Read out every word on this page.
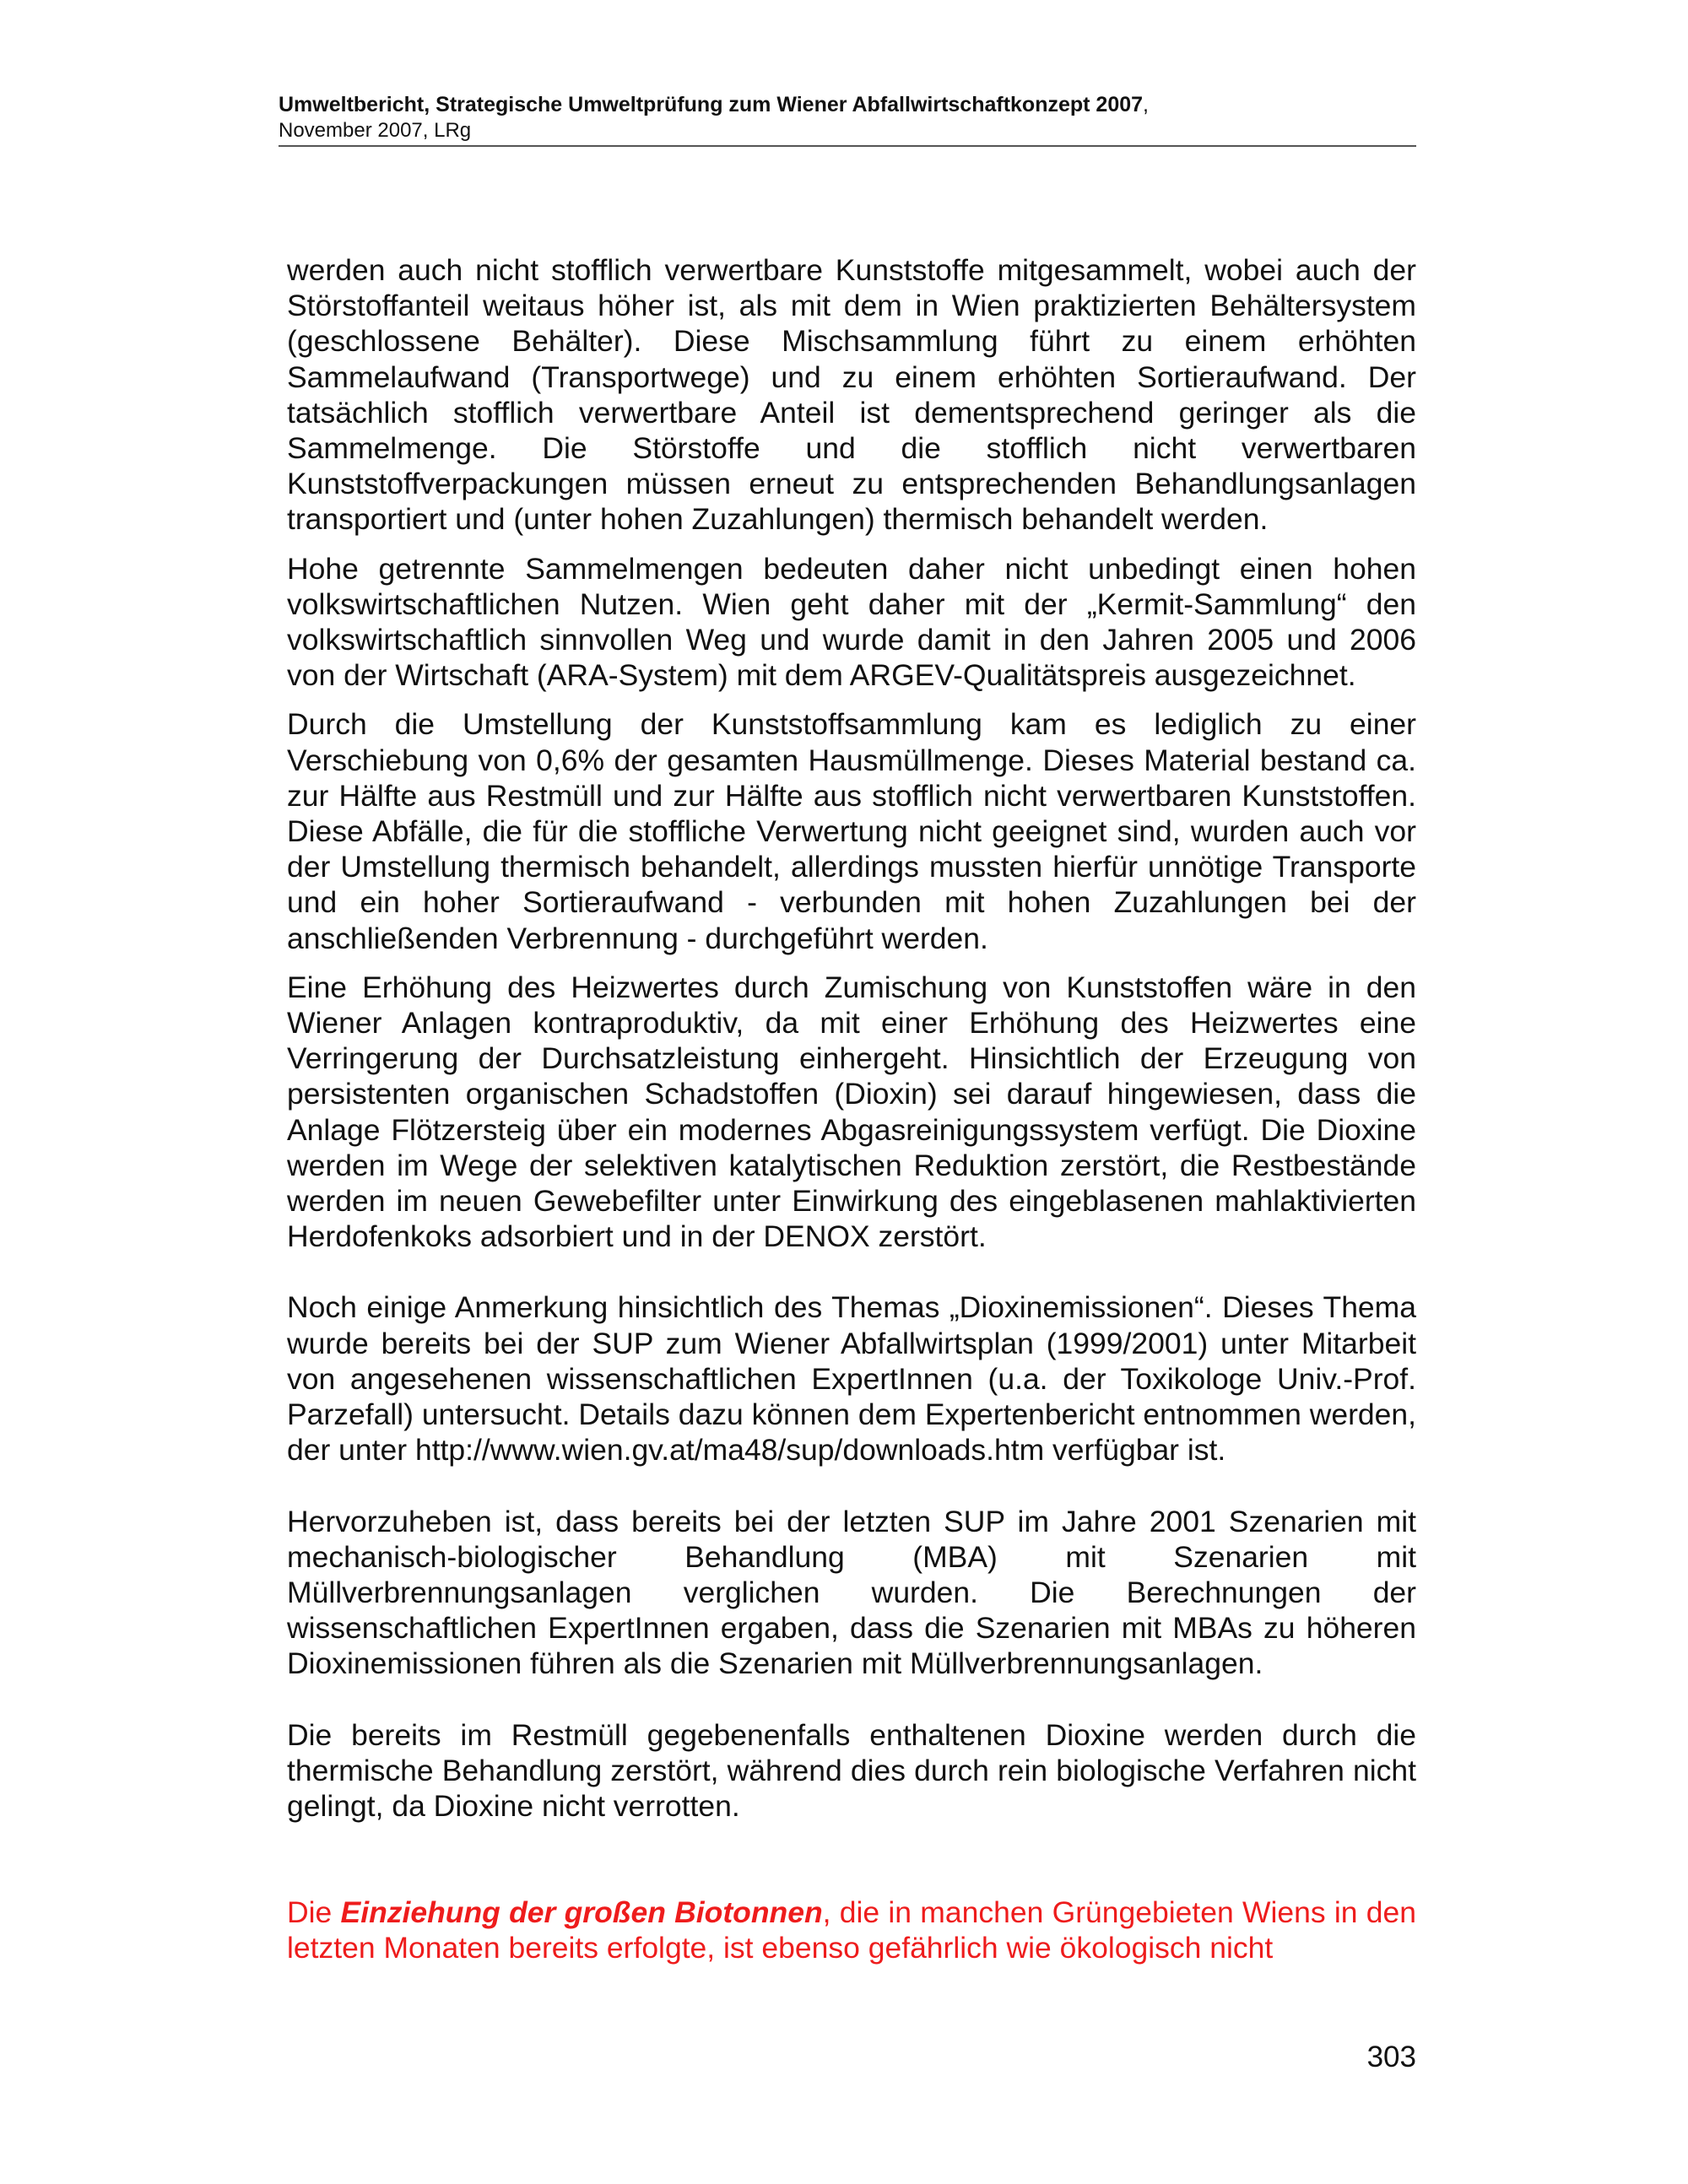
Umweltbericht, Strategische Umweltprüfung zum Wiener Abfallwirtschaftkonzept 2007,
November 2007, LRg

werden auch nicht stofflich verwertbare Kunststoffe mitgesammelt, wobei auch der Störstoffanteil weitaus höher ist, als mit dem in Wien praktizierten Behältersystem (geschlossene Behälter). Diese Mischsammlung führt zu einem erhöhten Sammelaufwand (Transportwege) und zu einem erhöhten Sortieraufwand. Der tatsächlich stofflich verwertbare Anteil ist dementsprechend geringer als die Sammelmenge. Die Störstoffe und die stofflich nicht verwertbaren Kunststoffverpackungen müssen erneut zu entsprechenden Behandlungsanlagen transportiert und (unter hohen Zuzahlungen) thermisch behandelt werden.

Hohe getrennte Sammelmengen bedeuten daher nicht unbedingt einen hohen volkswirtschaftlichen Nutzen. Wien geht daher mit der „Kermit-Sammlung“ den volkswirtschaftlich sinnvollen Weg und wurde damit in den Jahren 2005 und 2006 von der Wirtschaft (ARA-System) mit dem ARGEV-Qualitätspreis ausgezeichnet.

Durch die Umstellung der Kunststoffsammlung kam es lediglich zu einer Verschiebung von 0,6% der gesamten Hausmüllmenge. Dieses Material bestand ca. zur Hälfte aus Restmüll und zur Hälfte aus stofflich nicht verwertbaren Kunststoffen. Diese Abfälle, die für die stoffliche Verwertung nicht geeignet sind, wurden auch vor der Umstellung thermisch behandelt, allerdings mussten hierfür unnötige Transporte und ein hoher Sortieraufwand - verbunden mit hohen Zuzahlungen bei der anschließenden Verbrennung - durchgeführt werden.

Eine Erhöhung des Heizwertes durch Zumischung von Kunststoffen wäre in den Wiener Anlagen kontraproduktiv, da mit einer Erhöhung des Heizwertes eine Verringerung der Durchsatzleistung einhergeht. Hinsichtlich der Erzeugung von persistenten organischen Schadstoffen (Dioxin) sei darauf hingewiesen, dass die Anlage Flötzersteig über ein modernes Abgasreinigungssystem verfügt. Die Dioxine werden im Wege der selektiven katalytischen Reduktion zerstört, die Restbestände werden im neuen Gewebefilter unter Einwirkung des eingeblasenen mahlaktivierten Herdofenkoks adsorbiert und in der DENOX zerstört.

Noch einige Anmerkung hinsichtlich des Themas „Dioxinemissionen“. Dieses Thema wurde bereits bei der SUP zum Wiener Abfallwirtsplan (1999/2001) unter Mitarbeit von angesehenen wissenschaftlichen ExpertInnen (u.a. der Toxikologe Univ.-Prof. Parzefall) untersucht. Details dazu können dem Expertenbericht entnommen werden, der unter http://www.wien.gv.at/ma48/sup/downloads.htm verfügbar ist.

Hervorzuheben ist, dass bereits bei der letzten SUP im Jahre 2001 Szenarien mit mechanisch-biologischer Behandlung (MBA) mit Szenarien mit Müllverbrennungsanlagen verglichen wurden. Die Berechnungen der wissenschaftlichen ExpertInnen ergaben, dass die Szenarien mit MBAs zu höheren Dioxinemissionen führen als die Szenarien mit Müllverbrennungsanlagen.

Die bereits im Restmüll gegebenenfalls enthaltenen Dioxine werden durch die thermische Behandlung zerstört, während dies durch rein biologische Verfahren nicht gelingt, da Dioxine nicht verrotten.

Die Einziehung der großen Biotonnen, die in manchen Grüngebieten Wiens in den letzten Monaten bereits erfolgte, ist ebenso gefährlich wie ökologisch nicht

303
